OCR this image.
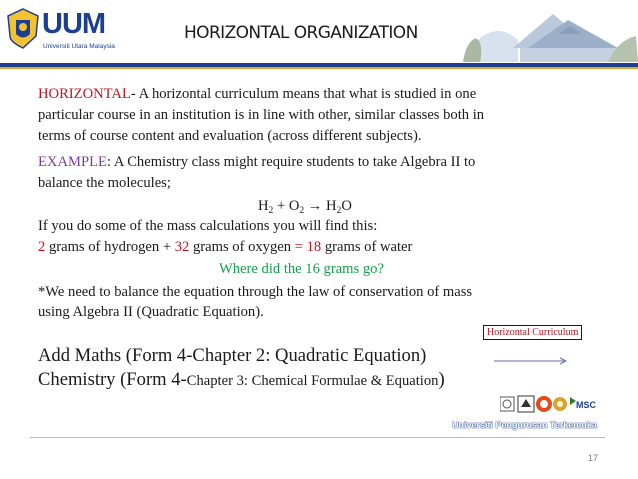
UUM
Universiti Utara Malaysia
HORIZONTAL ORGANIZATION
HORIZONTAL- A horizontal curriculum means that what is studied in one
particular course in an institution is in line with other, similar classes both in
terms of course content and evaluation (across different subjects).
EXAMPLE: A Chemistry class might require students to take Algebra II to
balance the molecules;
$H_2 + O_2 \to H_2O$
If you do some of the mass calculations you will find this:
2 grams of hydrogen + 32 grams of oxygen = 18 grams of water
Where did the 16 grams go?
*We need to balance the equation through the law of conservation of mass
using Algebra II (Quadratic Equation).
Horizontal Curriculum
Add Maths (Form 4-Chapter 2: Quadratic Equation)
Chemistry (Form 4-Chapter 3: Chemical Formulae & Equation)
MSC
Universiti Pengurusan Terkemuka
17
